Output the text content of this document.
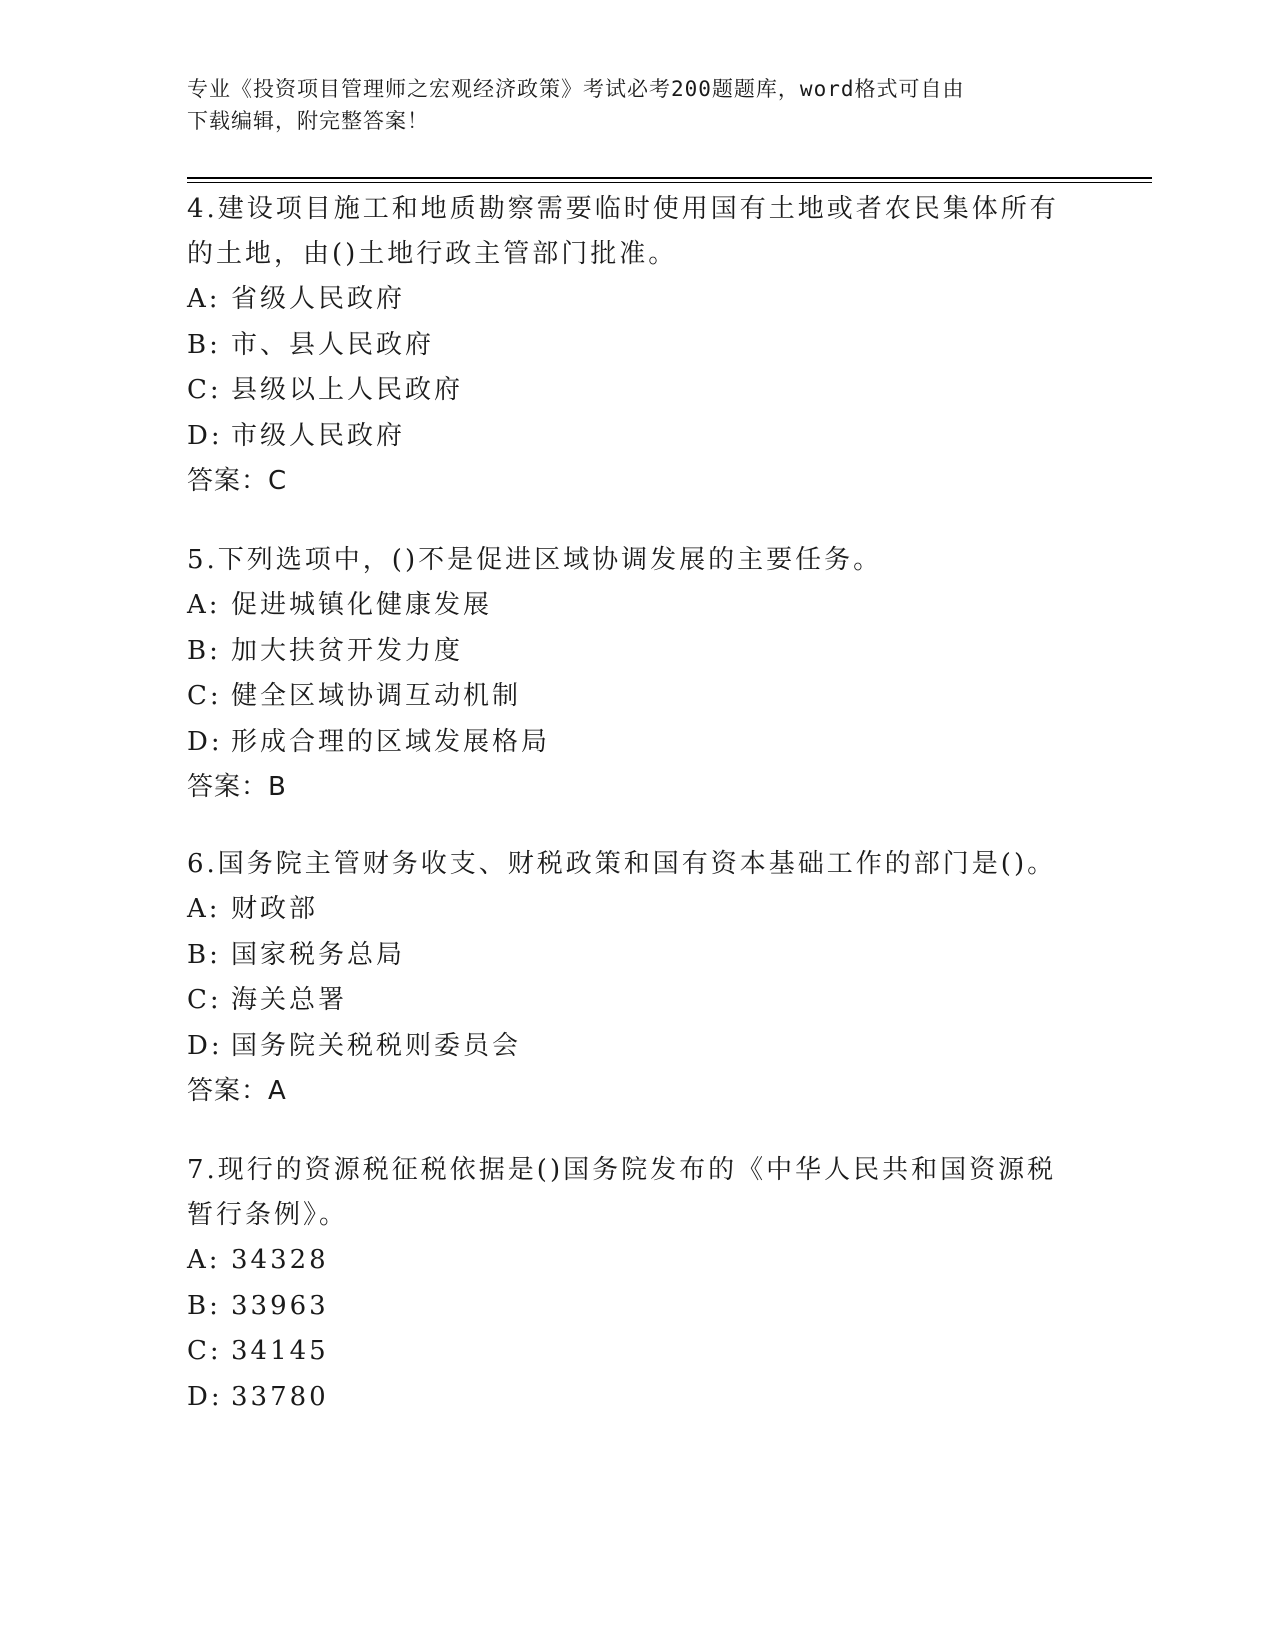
专业《投资项目管理师之宏观经济政策》考试必考200题题库，word格式可自由
下载编辑，附完整答案！
4.建设项目施工和地质勘察需要临时使用国有土地或者农民集体所有
的土地，由()土地行政主管部门批准。
A: 省级人民政府
B: 市、县人民政府
C: 县级以上人民政府
D: 市级人民政府
答案：C
5.下列选项中，()不是促进区域协调发展的主要任务。
A: 促进城镇化健康发展
B: 加大扶贫开发力度
C: 健全区域协调互动机制
D: 形成合理的区域发展格局
答案：B
6.国务院主管财务收支、财税政策和国有资本基础工作的部门是()。
A: 财政部
B: 国家税务总局
C: 海关总署
D: 国务院关税税则委员会
答案：A
7.现行的资源税征税依据是()国务院发布的《中华人民共和国资源税
暂行条例》。
A: 34328
B: 33963
C: 34145
D: 33780
